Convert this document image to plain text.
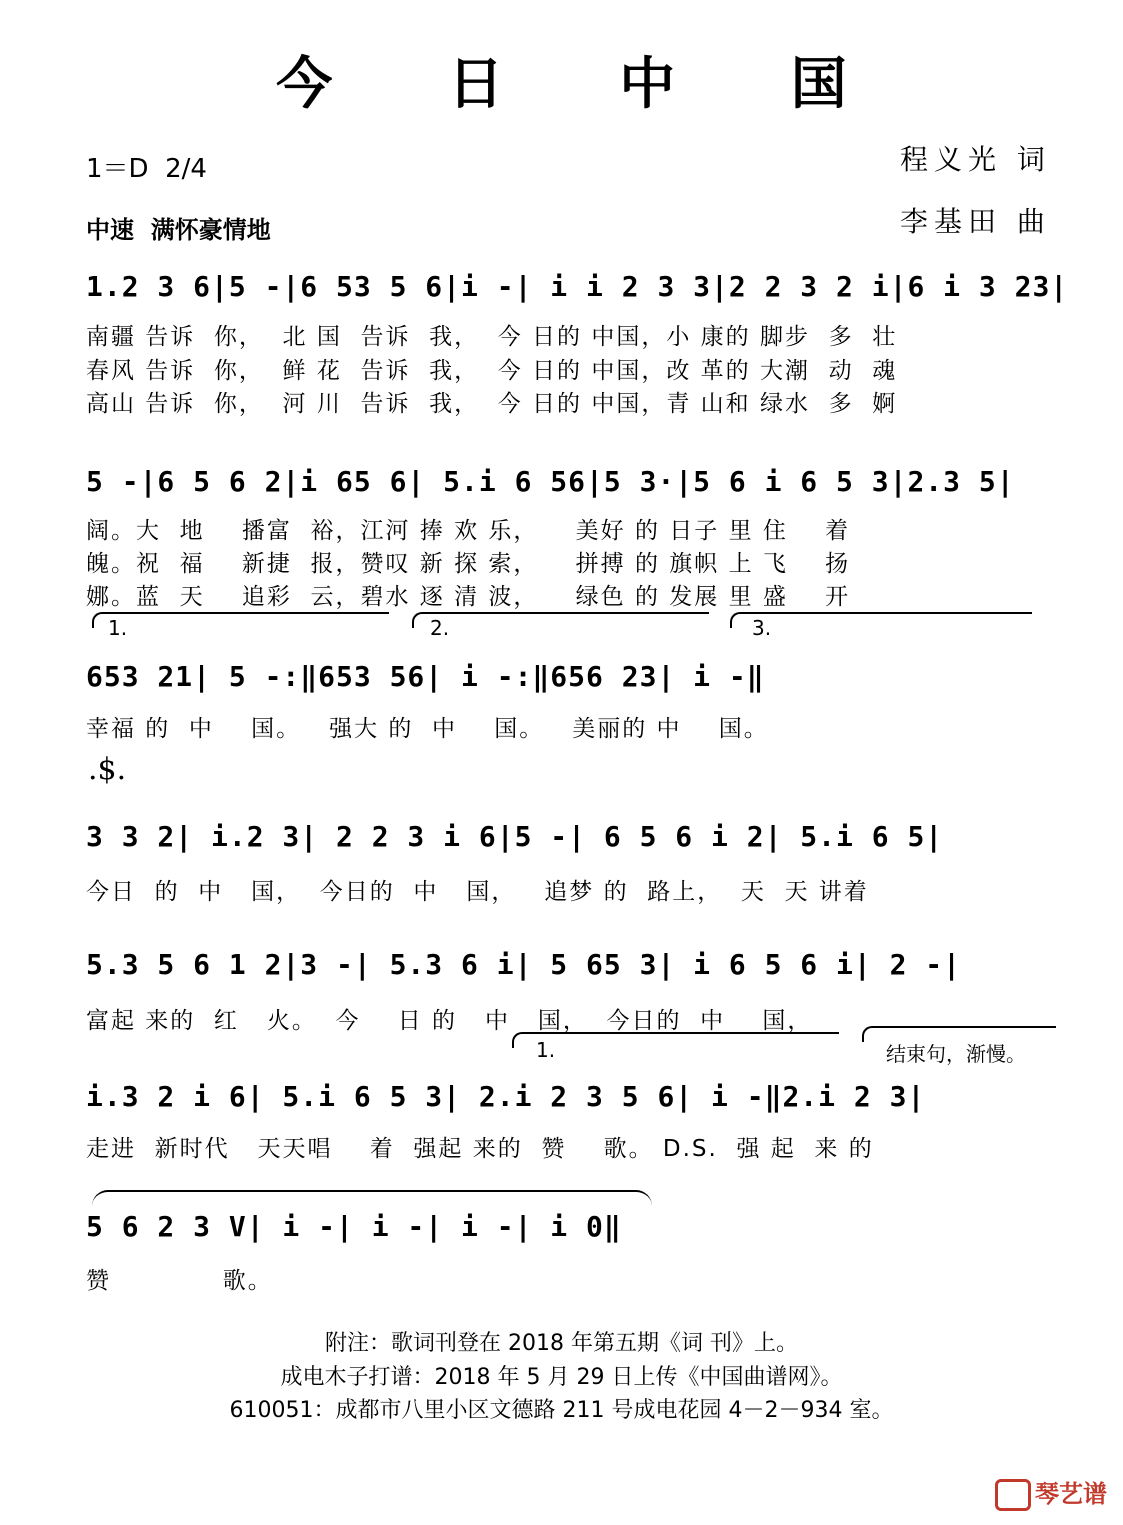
今 日 中 国
1＝D  2/4
中速  满怀豪情地
程义光 词
李基田 曲
1.2 3 6|5 -|6 53 5 6|i -| i i 2 3 3|2 2 3 2 i|6 i 3 23|
南疆 告诉  你，  北 国  告诉  我，  今 日的 中国，小 康的 脚步  多  壮
春风 告诉  你，  鲜 花  告诉  我，  今 日的 中国，改 革的 大潮  动  魂
高山 告诉  你，  河 川  告诉  我，  今 日的 中国，青 山和 绿水  多  婀
5 -|6 5 6 2|i 65 6| 5.i 6 56|5 3·|5 6 i 6 5 3|2.3 5|
阔。大  地    播富  裕，江河 捧 欢 乐，    美好 的 日子 里 住    着
魄。祝  福    新捷  报，赞叹 新 探 索，    拼搏 的 旗帜 上 飞    扬
娜。蓝  天    追彩  云，碧水 逐 清 波，    绿色 的 发展 里 盛    开
1.	2.	3.
653 21| 5 -:‖653 56| i -:‖656 23| i -‖
幸福 的  中    国。   强大 的  中    国。   美丽的 中    国。
.$.
3 3 2| i.2 3| 2 2 3 i 6|5 -| 6 5 6 i 2| 5.i 6 5|
今日  的  中   国，  今日的  中   国，   追梦 的  路上，  天  天 讲着
5.3 5 6 1 2|3 -| 5.3 6 i| 5 65 3| i 6 5 6 i| 2 -|
富起 来的  红   火。  今    日 的   中   国，  今日的  中    国，
1.	结束句，渐慢。
i.3 2 i 6| 5.i 6 5 3| 2.i 2 3 5 6| i -‖2.i 2 3|
走进  新时代   天天唱    着  强起 来的  赞    歌。 D.S.  强 起  来 的
5 6 2 3 V| i -| i -| i -| i 0‖
赞            歌。
附注：歌词刊登在 2018 年第五期《词 刊》上。
成电木子打谱：2018 年 5 月 29 日上传《中国曲谱网》。
610051：成都市八里小区文德路 211 号成电花园 4－2－934 室。

琴艺谱
